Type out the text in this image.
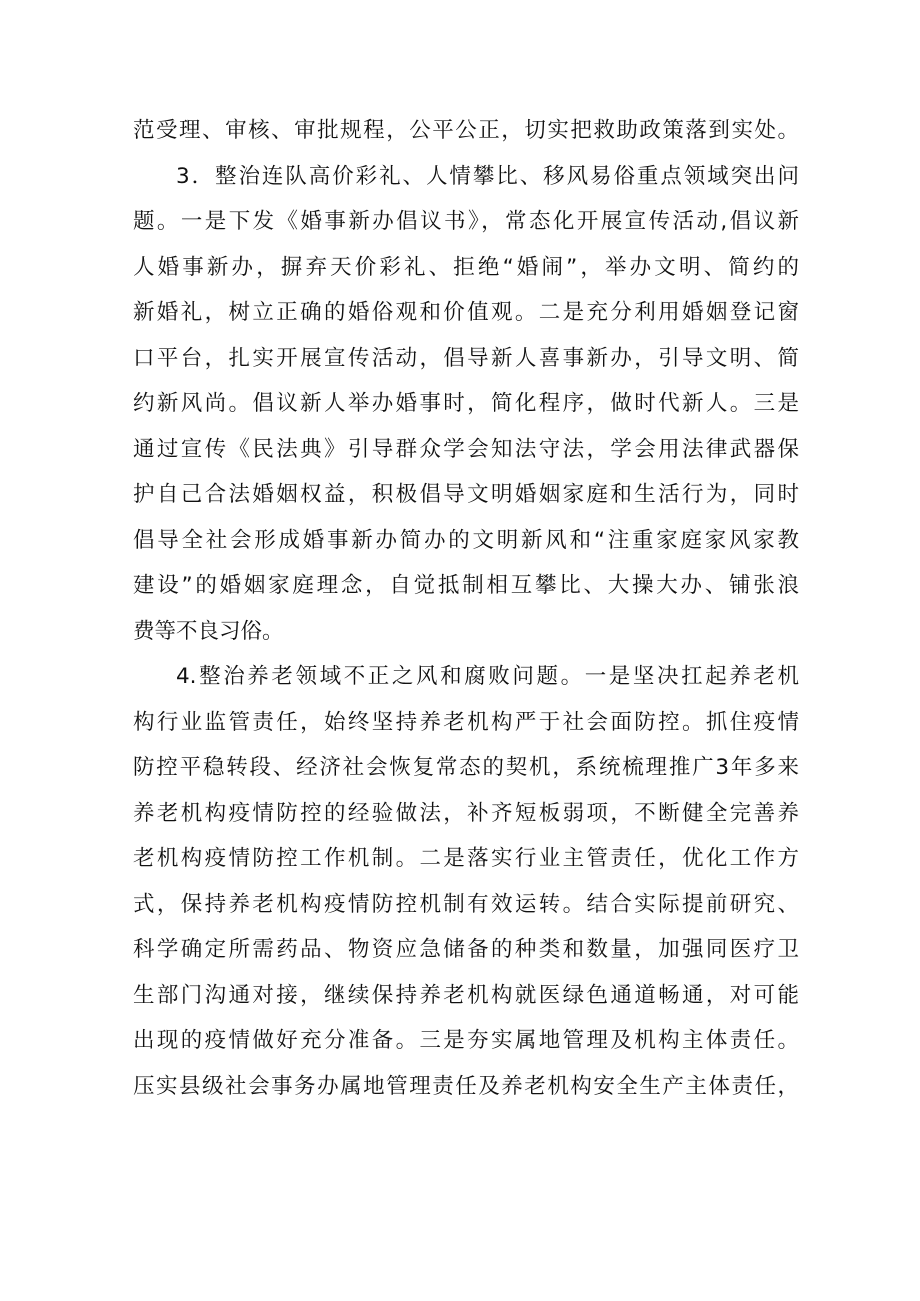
范受理、审核、审批规程，公平公正，切实把救助政策落到实处。
3．整治连队高价彩礼、人情攀比、移风易俗重点领域突出问
题。一是下发《婚事新办倡议书》，常态化开展宣传活动,倡议新
人婚事新办，摒弃天价彩礼、拒绝“婚闹”，举办文明、简约的
新婚礼，树立正确的婚俗观和价值观。二是充分利用婚姻登记窗
口平台，扎实开展宣传活动，倡导新人喜事新办，引导文明、简
约新风尚。倡议新人举办婚事时，简化程序，做时代新人。三是
通过宣传《民法典》引导群众学会知法守法，学会用法律武器保
护自己合法婚姻权益，积极倡导文明婚姻家庭和生活行为，同时
倡导全社会形成婚事新办简办的文明新风和“注重家庭家风家教
建设”的婚姻家庭理念，自觉抵制相互攀比、大操大办、铺张浪
费等不良习俗。
4.整治养老领域不正之风和腐败问题。一是坚决扛起养老机
构行业监管责任，始终坚持养老机构严于社会面防控。抓住疫情
防控平稳转段、经济社会恢复常态的契机，系统梳理推广3年多来
养老机构疫情防控的经验做法，补齐短板弱项，不断健全完善养
老机构疫情防控工作机制。二是落实行业主管责任，优化工作方
式，保持养老机构疫情防控机制有效运转。结合实际提前研究、
科学确定所需药品、物资应急储备的种类和数量，加强同医疗卫
生部门沟通对接，继续保持养老机构就医绿色通道畅通，对可能
出现的疫情做好充分准备。三是夯实属地管理及机构主体责任。
压实县级社会事务办属地管理责任及养老机构安全生产主体责任，
